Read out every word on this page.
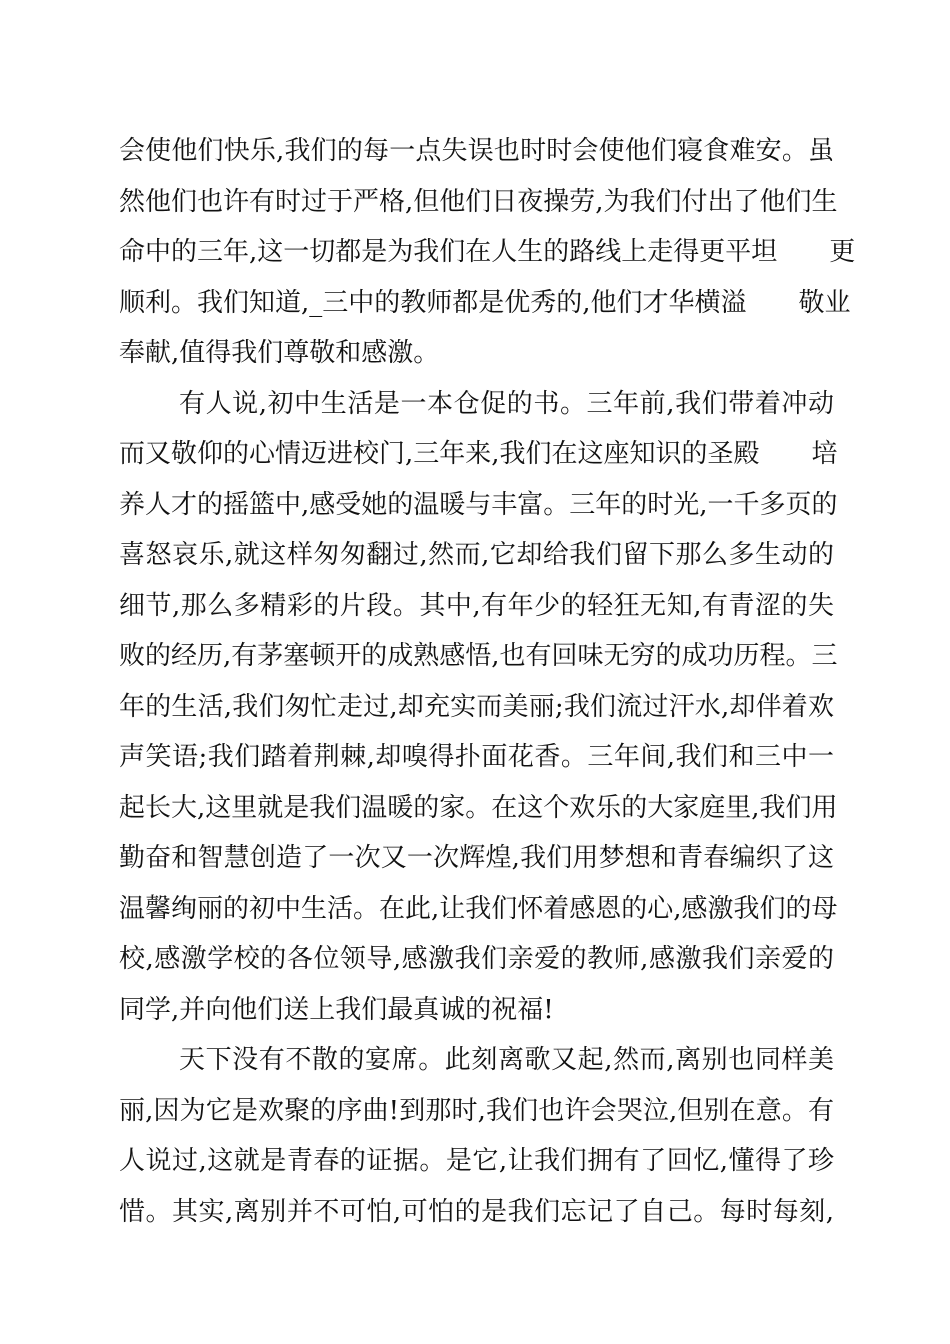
会使他们快乐,我们的每一点失误也时时会使他们寝食难安。虽
然他们也许有时过于严格,但他们日夜操劳,为我们付出了他们生
命中的三年,这一切都是为我们在人生的路线上走得更平坦　　更
顺利。我们知道,_三中的教师都是优秀的,他们才华横溢　　敬业
奉献,值得我们尊敬和感激。
有人说,初中生活是一本仓促的书。三年前,我们带着冲动
而又敬仰的心情迈进校门,三年来,我们在这座知识的圣殿　　培
养人才的摇篮中,感受她的温暖与丰富。三年的时光,一千多页的
喜怒哀乐,就这样匆匆翻过,然而,它却给我们留下那么多生动的
细节,那么多精彩的片段。其中,有年少的轻狂无知,有青涩的失
败的经历,有茅塞顿开的成熟感悟,也有回味无穷的成功历程。三
年的生活,我们匆忙走过,却充实而美丽;我们流过汗水,却伴着欢
声笑语;我们踏着荆棘,却嗅得扑面花香。三年间,我们和三中一
起长大,这里就是我们温暖的家。在这个欢乐的大家庭里,我们用
勤奋和智慧创造了一次又一次辉煌,我们用梦想和青春编织了这
温馨绚丽的初中生活。在此,让我们怀着感恩的心,感激我们的母
校,感激学校的各位领导,感激我们亲爱的教师,感激我们亲爱的
同学,并向他们送上我们最真诚的祝福!
天下没有不散的宴席。此刻离歌又起,然而,离别也同样美
丽,因为它是欢聚的序曲!到那时,我们也许会哭泣,但别在意。有
人说过,这就是青春的证据。是它,让我们拥有了回忆,懂得了珍
惜。其实,离别并不可怕,可怕的是我们忘记了自己。每时每刻,
